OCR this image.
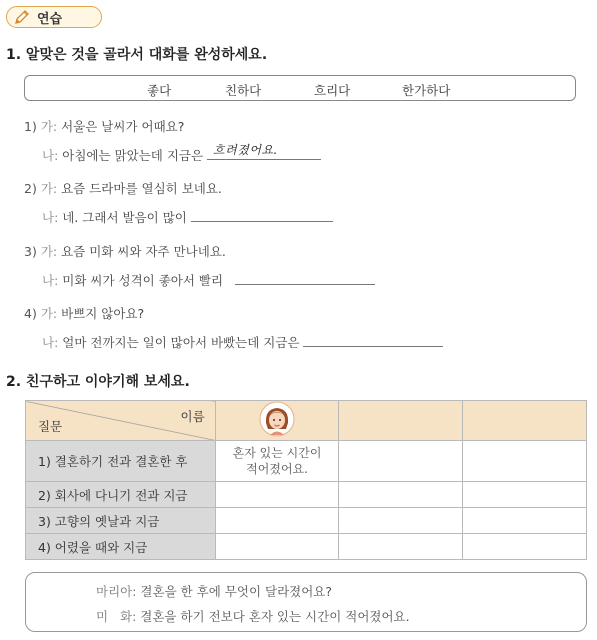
연습
1. 알맞은 것을 골라서 대화를 완성하세요.
좋다	친하다	흐리다	한가하다
1) 가: 서울은 날씨가 어때요?
나: 아침에는 맑았는데 지금은 흐려졌어요.
2) 가: 요즘 드라마를 열심히 보네요.
나: 네. 그래서 발음이 많이
3) 가: 요즘 미화 씨와 자주 만나네요.
나: 미화 씨가 성격이 좋아서 빨리
4) 가: 바쁘지 않아요?
나: 얼마 전까지는 일이 많아서 바빴는데 지금은
2. 친구하고 이야기해 보세요.
이름
질문

1) 결혼하기 전과 결혼한 후	혼자 있는 시간이
적어졌어요.		

2) 회사에 다니기 전과 지금			
3) 고향의 옛날과 지금			
4) 어렸을 때와 지금			
마리아: 결혼을 한 후에 무엇이 달라졌어요?
미   화: 결혼을 하기 전보다 혼자 있는 시간이 적어졌어요.
